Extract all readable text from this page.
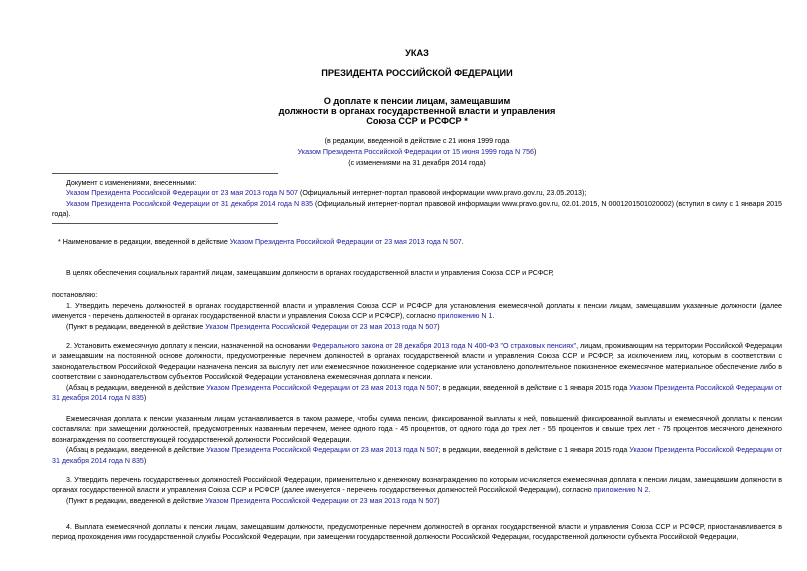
УКАЗ
ПРЕЗИДЕНТА РОССИЙСКОЙ ФЕДЕРАЦИИ
О доплате к пенсии лицам, замещавшим
должности в органах государственной власти и управления
Союза ССР и РСФСР *
(в редакции, введенной в действие с 21 июня 1999 года
Указом Президента Российской Федерации от 15 июня 1999 года N 756)
(с изменениями на 31 декабря 2014 года)

Документ с изменениями, внесенными:

Указом Президента Российской Федерации от 23 мая 2013 года N 507 (Официальный интернет-портал правовой информации www.pravo.gov.ru, 23.05.2013);

Указом Президента Российской Федерации от 31 декабря 2014 года N 835 (Официальный интернет-портал правовой информации www.pravo.gov.ru, 02.01.2015, N 0001201501020002) (вступил в силу с 1 января 2015 года).

* Наименование в редакции, введенной в действие Указом Президента Российской Федерации от 23 мая 2013 года N 507.

В целях обеспечения социальных гарантий лицам, замещавшим должности в органах государственной власти и управления Союза ССР и РСФСР,

постановляю:

1. Утвердить перечень должностей в органах государственной власти и управления Союза ССР и РСФСР для установления ежемесячной доплаты к пенсии лицам, замещавшим указанные должности (далее именуется - перечень должностей в органах государственной власти и управления Союза ССР и РСФСР), согласно приложению N 1.

(Пункт в редакции, введенной в действие Указом Президента Российской Федерации от 23 мая 2013 года N 507)

2. Установить ежемесячную доплату к пенсии, назначенной на основании Федерального закона от 28 декабря 2013 года N 400-ФЗ "О страховых пенсиях", лицам, проживающим на территории Российской Федерации и замещавшим на постоянной основе должности, предусмотренные перечнем должностей в органах государственной власти и управления Союза ССР и РСФСР, за исключением лиц, которым в соответствии с законодательством Российской Федерации назначена пенсия за выслугу лет или ежемесячное пожизненное содержание или установлено дополнительное пожизненное ежемесячное материальное обеспечение либо в соответствии с законодательством субъектов Российской Федерации установлена ежемесячная доплата к пенсии.

(Абзац в редакции, введенной в действие Указом Президента Российской Федерации от 23 мая 2013 года N 507; в редакции, введенной в действие с 1 января 2015 года Указом Президента Российской Федерации от 31 декабря 2014 года N 835)

Ежемесячная доплата к пенсии указанным лицам устанавливается в таком размере, чтобы сумма пенсии, фиксированной выплаты к ней, повышений фиксированной выплаты и ежемесячной доплаты к пенсии составляла: при замещении должностей, предусмотренных названным перечнем, менее одного года - 45 процентов, от одного года до трех лет - 55 процентов и свыше трех лет - 75 процентов месячного денежного вознаграждения по соответствующей государственной должности Российской Федерации.

(Абзац в редакции, введенной в действие Указом Президента Российской Федерации от 23 мая 2013 года N 507; в редакции, введенной в действие с 1 января 2015 года Указом Президента Российской Федерации от 31 декабря 2014 года N 835)

3. Утвердить перечень государственных должностей Российской Федерации, применительно к денежному вознаграждению по которым исчисляется ежемесячная доплата к пенсии лицам, замещавшим должности в органах государственной власти и управления Союза ССР и РСФСР (далее именуется - перечень государственных должностей Российской Федерации), согласно приложению N 2.

(Пункт в редакции, введенной в действие Указом Президента Российской Федерации от 23 мая 2013 года N 507)

4. Выплата ежемесячной доплаты к пенсии лицам, замещавшим должности, предусмотренные перечнем должностей в органах государственной власти и управления Союза ССР и РСФСР, приостанавливается в период прохождения ими государственной службы Российской Федерации, при замещении государственной должности Российской Федерации, государственной должности субъекта Российской Федерации,
